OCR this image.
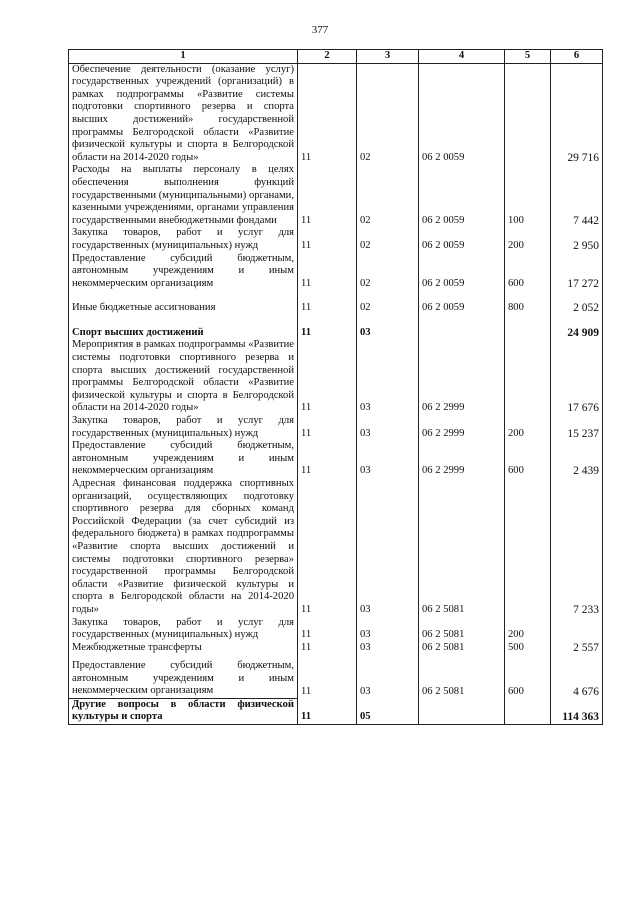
377
1	2	3	4	5	6
Обеспечение деятельности (оказание услуг) государственных учреждений (организаций) в рамках подпрограммы «Развитие системы подготовки спортивного резерва и спорта высших достижений» государственной программы Белгородской области «Развитие физической культуры и спорта в Белгородской области на 2014-2020 годы»	11	02	06 2 0059		29 716
Расходы на выплаты персоналу в целях обеспечения выполнения функций государственными (муниципальными) органами, казенными учреждениями, органами управления государственными внебюджетными фондами	11	02	06 2 0059	100	7 442
Закупка товаров, работ и услуг для государственных (муниципальных) нужд	11	02	06 2 0059	200	2 950
Предоставление субсидий бюджетным, автономным учреждениям и иным некоммерческим организациям	11	02	06 2 0059	600	17 272

Иные бюджетные ассигнования	11	02	06 2 0059	800	2 052

Спорт высших достижений	11	03			24 909
Мероприятия в рамках подпрограммы «Развитие системы подготовки спортивного резерва и спорта высших достижений государственной программы Белгородской области «Развитие физической культуры и спорта в Белгородской области на 2014-2020 годы»	11	03	06 2 2999		17 676
Закупка товаров, работ и услуг для государственных (муниципальных) нужд	11	03	06 2 2999	200	15 237
Предоставление субсидий бюджетным, автономным учреждениям и иным некоммерческим организациям	11	03	06 2 2999	600	2 439
Адресная финансовая поддержка спортивных организаций, осуществляющих подготовку спортивного резерва для сборных команд Российской Федерации (за счет субсидий из федерального бюджета) в рамках подпрограммы «Развитие спорта высших достижений и системы подготовки спортивного резерва» государственной программы Белгородской области «Развитие физической культуры и спорта в Белгородской области на 2014-2020 годы»	11	03	06 2 5081		7 233
Закупка товаров, работ и услуг для государственных (муниципальных) нужд	11	03	06 2 5081	200	
Межбюджетные трансферты	11	03	06 2 5081	500	2 557
Предоставление субсидий бюджетным, автономным учреждениям и иным некоммерческим организациям	11	03	06 2 5081	600	4 676
Другие вопросы в области физической культуры и спорта	11	05			114 363
